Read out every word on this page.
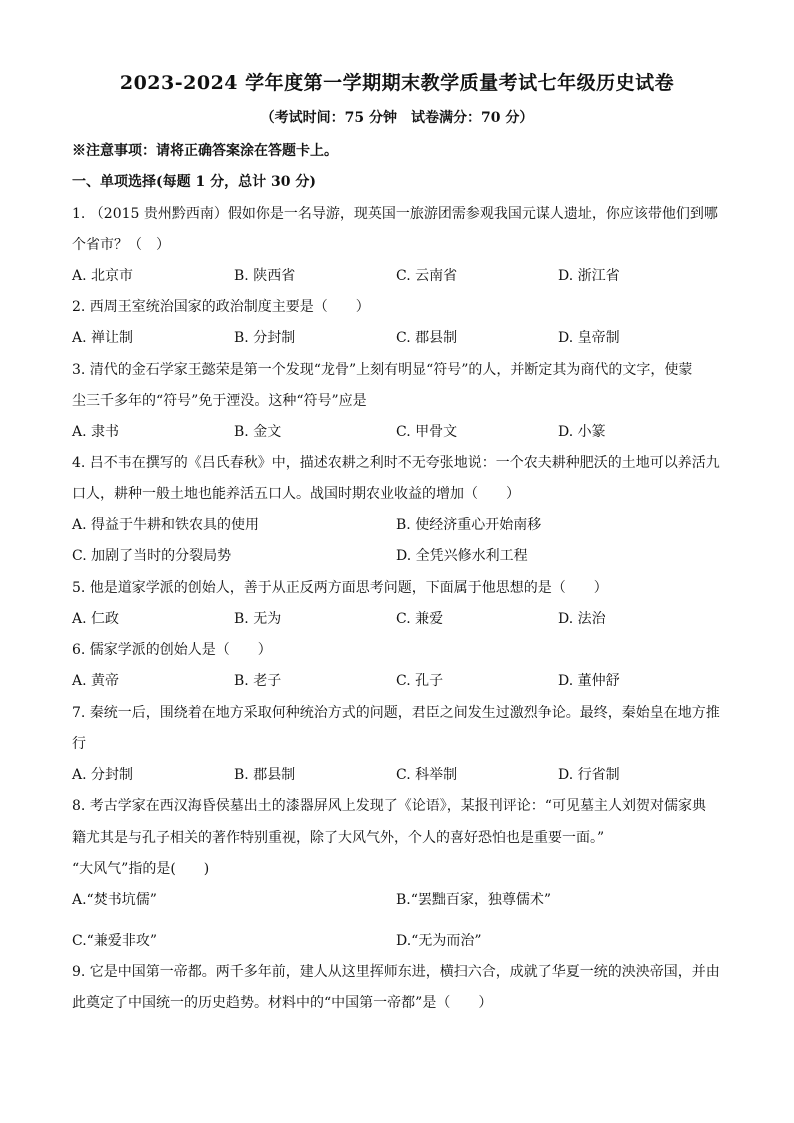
2023-2024 学年度第一学期期末教学质量考试七年级历史试卷
（考试时间：75 分钟　试卷满分：70 分）
※注意事项：请将正确答案涂在答题卡上。
一、单项选择(每题 1 分，总计 30 分)
1. （2015 贵州黔西南）假如你是一名导游，现英国一旅游团需参观我国元谋人遗址，你应该带他们到哪
个省市？（　）
A. 北京市	B. 陕西省	C. 云南省	D. 浙江省
2. 西周王室统治国家的政治制度主要是（　　）
A. 禅让制	B. 分封制	C. 郡县制	D. 皇帝制
3. 清代的金石学家王懿荣是第一个发现“龙骨”上刻有明显“符号”的人，并断定其为商代的文字，使蒙
尘三千多年的“符号”免于湮没。这种“符号”应是
A. 隶书	B. 金文	C. 甲骨文	D. 小篆
4. 吕不韦在撰写的《吕氏春秋》中，描述农耕之利时不无夸张地说：一个农夫耕种肥沃的土地可以养活九
口人，耕种一般土地也能养活五口人。战国时期农业收益的增加（　　）
A. 得益于牛耕和铁农具的使用	B. 使经济重心开始南移
C. 加剧了当时的分裂局势	D. 全凭兴修水利工程
5. 他是道家学派的创始人，善于从正反两方面思考问题，下面属于他思想的是（　　）
A. 仁政	B. 无为	C. 兼爱	D. 法治
6. 儒家学派的创始人是（　　）
A. 黄帝	B. 老子	C. 孔子	D. 董仲舒
7. 秦统一后，围绕着在地方采取何种统治方式的问题，君臣之间发生过激烈争论。最终，秦始皇在地方推
行
A. 分封制	B. 郡县制	C. 科举制	D. 行省制
8. 考古学家在西汉海昏侯墓出土的漆器屏风上发现了《论语》，某报刊评论：“可见墓主人刘贺对儒家典
籍尤其是与孔子相关的著作特别重视，除了大风气外，个人的喜好恐怕也是重要一面。”
“大风气”指的是(　　)
A.“焚书坑儒”	B.“罢黜百家，独尊儒术”
C.“兼爱非攻”	D.“无为而治”
9. 它是中国第一帝都。两千多年前，建人从这里挥师东进，横扫六合，成就了华夏一统的泱泱帝国，并由
此奠定了中国统一的历史趋势。材料中的“中国第一帝都”是（　　）
